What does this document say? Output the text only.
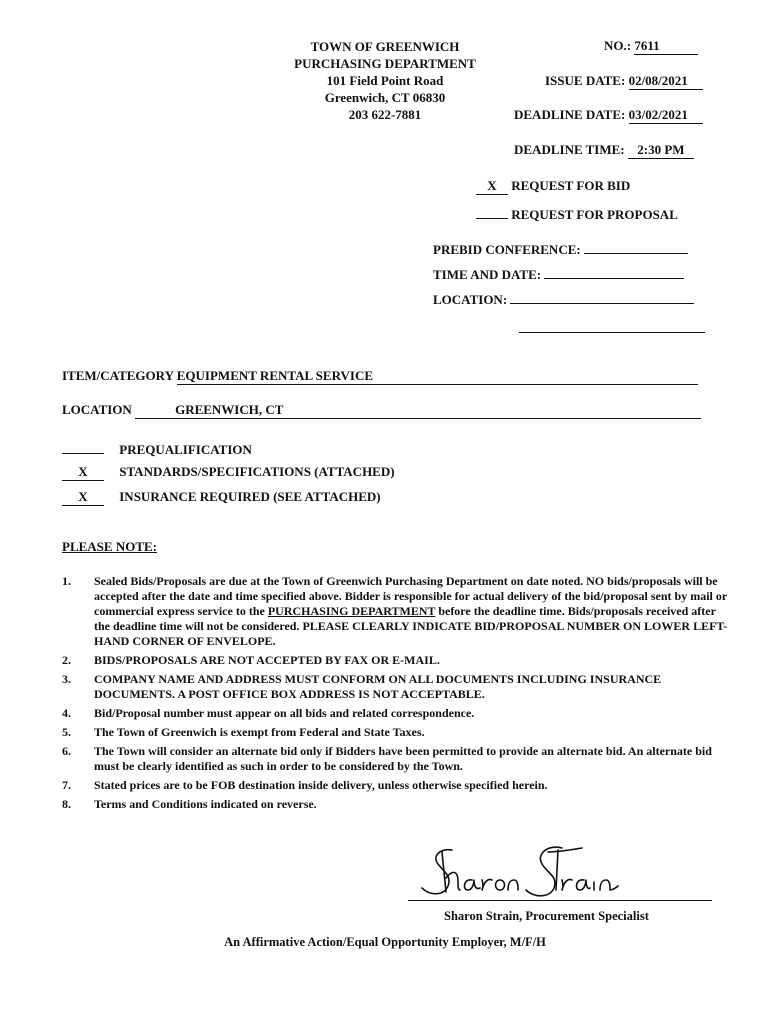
TOWN OF GREENWICH
PURCHASING DEPARTMENT
101 Field Point Road
Greenwich, CT 06830
203 622-7881
NO.: 7611
ISSUE DATE: 02/08/2021
DEADLINE DATE: 03/02/2021
DEADLINE TIME: 2:30 PM
X REQUEST FOR BID
REQUEST FOR PROPOSAL
PREBID CONFERENCE:
TIME AND DATE:
LOCATION:
ITEM/CATEGORY EQUIPMENT RENTAL SERVICE
LOCATION	GREENWICH, CT
PREQUALIFICATION
X STANDARDS/SPECIFICATIONS (ATTACHED)
X INSURANCE REQUIRED (SEE ATTACHED)
PLEASE NOTE:
1. Sealed Bids/Proposals are due at the Town of Greenwich Purchasing Department on date noted. NO bids/proposals will be accepted after the date and time specified above. Bidder is responsible for actual delivery of the bid/proposal sent by mail or commercial express service to the PURCHASING DEPARTMENT before the deadline time. Bids/proposals received after the deadline time will not be considered. PLEASE CLEARLY INDICATE BID/PROPOSAL NUMBER ON LOWER LEFT-HAND CORNER OF ENVELOPE.
2. BIDS/PROPOSALS ARE NOT ACCEPTED BY FAX OR E-MAIL.
3. COMPANY NAME AND ADDRESS MUST CONFORM ON ALL DOCUMENTS INCLUDING INSURANCE DOCUMENTS. A POST OFFICE BOX ADDRESS IS NOT ACCEPTABLE.
4. Bid/Proposal number must appear on all bids and related correspondence.
5. The Town of Greenwich is exempt from Federal and State Taxes.
6. The Town will consider an alternate bid only if Bidders have been permitted to provide an alternate bid. An alternate bid must be clearly identified as such in order to be considered by the Town.
7. Stated prices are to be FOB destination inside delivery, unless otherwise specified herein.
8. Terms and Conditions indicated on reverse.
Sharon Strain, Procurement Specialist
An Affirmative Action/Equal Opportunity Employer, M/F/H
